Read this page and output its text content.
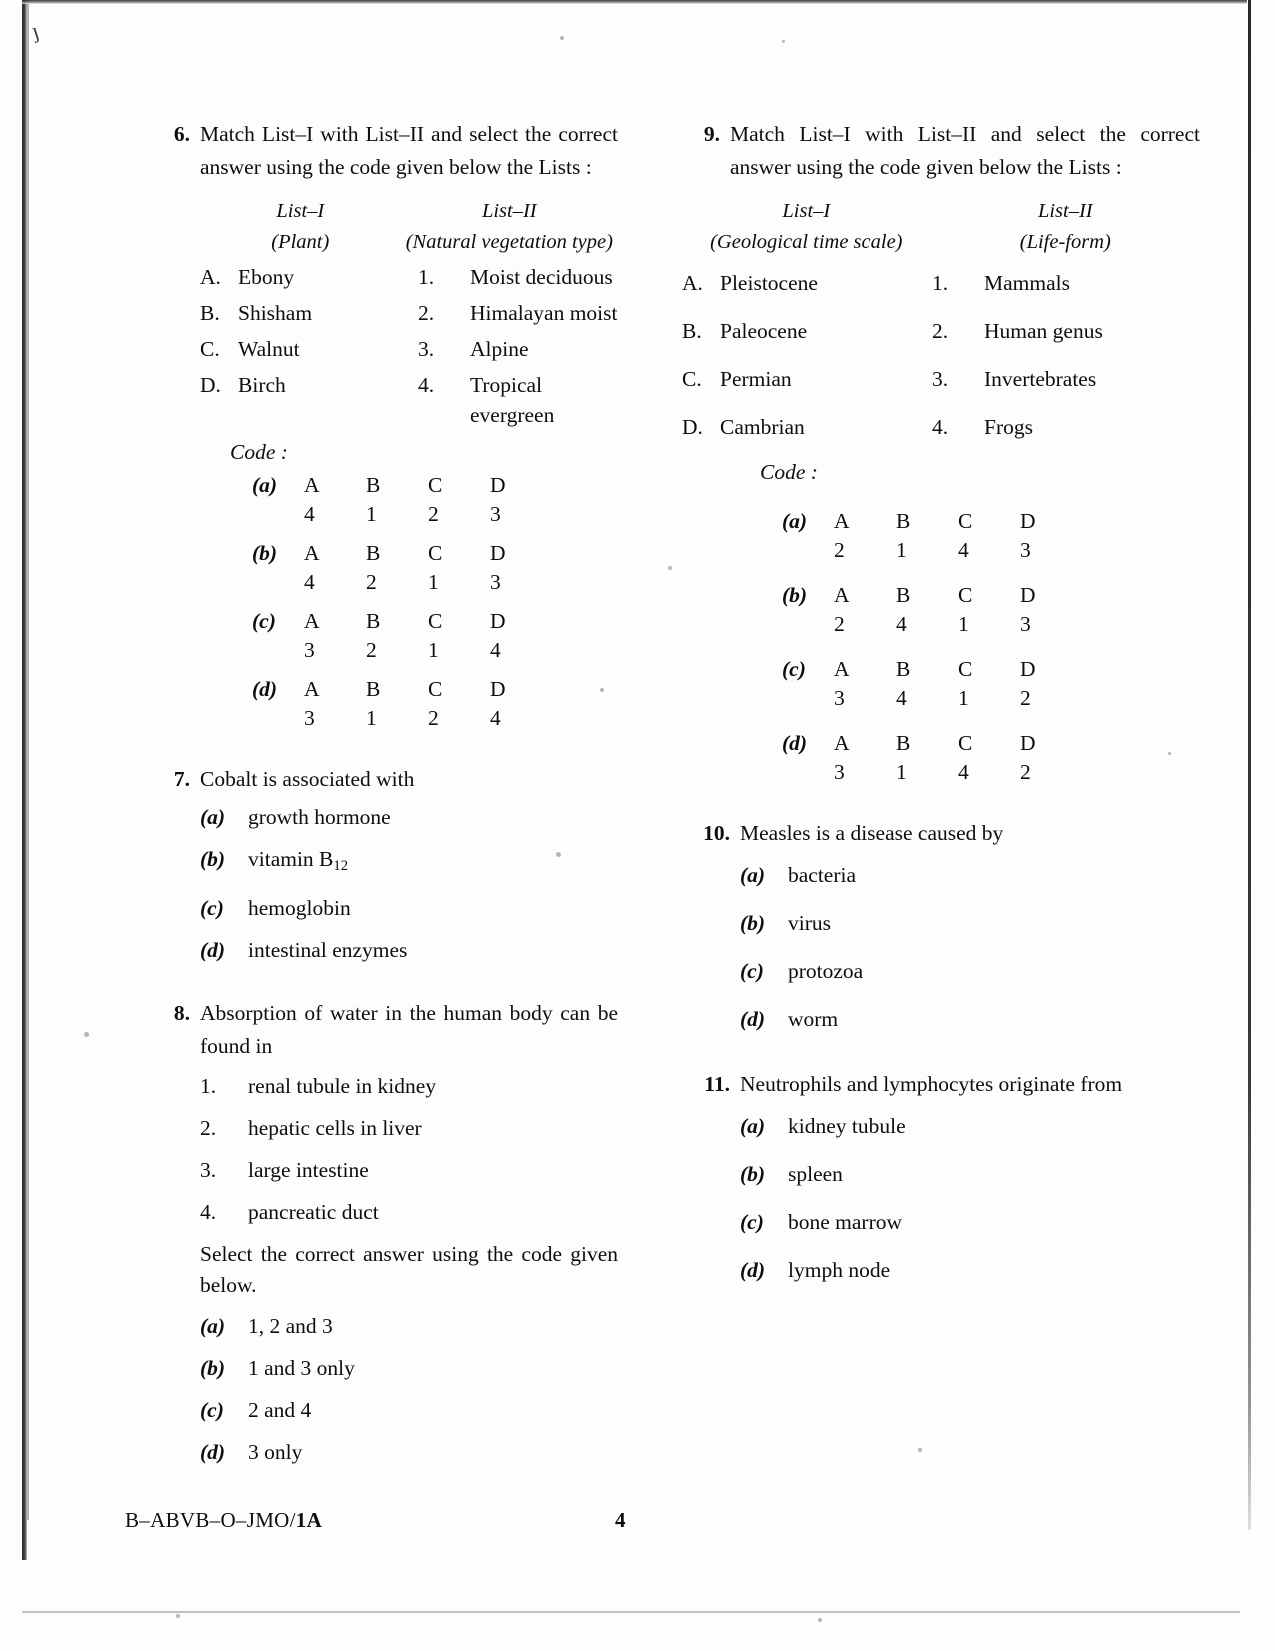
ȷ
6. Match List–I with List–II and select the correct answer using the code given below the Lists :
List–I
(Plant)
List–II
(Natural vegetation type)
A. Ebony	1.	Moist deciduous
B. Shisham	2.	Himalayan moist
C. Walnut	3.	Alpine
D. Birch	4.	Tropical evergreen
Code :
(a)	A	B	C	D
4	1	2	3
(b)	A	B	C	D
4	2	1	3
(c)	A	B	C	D
3	2	1	4
(d)	A	B	C	D
3	1	2	4
7. Cobalt is associated with
(a)	growth hormone
(b)	vitamin $B_{12}$
(c)	hemoglobin
(d)	intestinal enzymes
8. Absorption of water in the human body can be found in
1.	renal tubule in kidney
2.	hepatic cells in liver
3.	large intestine
4.	pancreatic duct
Select the correct answer using the code given below.
(a)	1, 2 and 3
(b)	1 and 3 only
(c)	2 and 4
(d)	3 only
9. Match List–I with List–II and select the correct answer using the code given below the Lists :
List–I
(Geological time scale)
List–II
(Life-form)
A. Pleistocene	1.	Mammals
B. Paleocene	2.	Human genus
C. Permian	3.	Invertebrates
D. Cambrian	4.	Frogs
Code :
(a)	A	B	C	D
2	1	4	3
(b)	A	B	C	D
2	4	1	3
(c)	A	B	C	D
3	4	1	2
(d)	A	B	C	D
3	1	4	2
10. Measles is a disease caused by
(a)	bacteria
(b)	virus
(c)	protozoa
(d)	worm
11. Neutrophils and lymphocytes originate from
(a)	kidney tubule
(b)	spleen
(c)	bone marrow
(d)	lymph node
B–ABVB–O–JMO/1A	4
